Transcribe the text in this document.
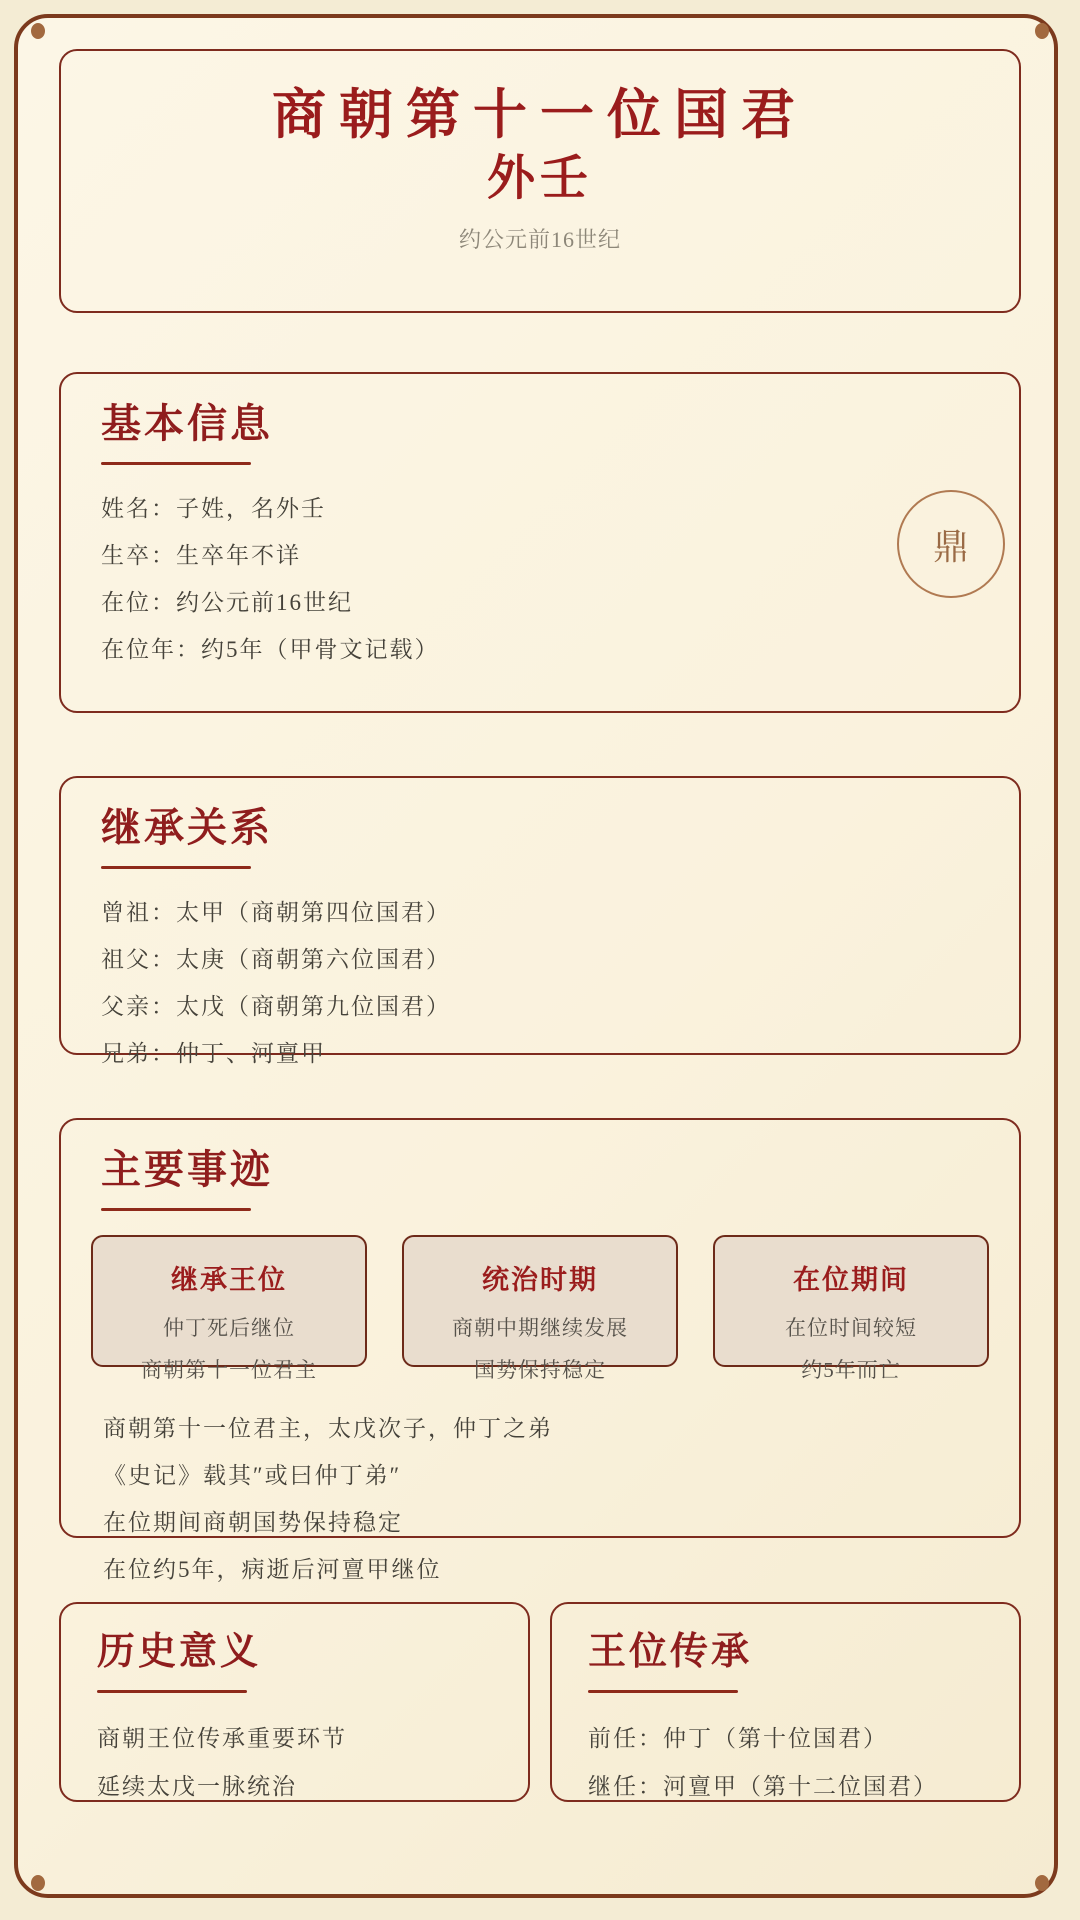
商朝第十一位国君
外壬
约公元前16世纪
基本信息
姓名：子姓，名外壬
生卒：生卒年不详
在位：约公元前16世纪
在位年：约5年（甲骨文记载）
鼎
继承关系
曾祖：太甲（商朝第四位国君）
祖父：太庚（商朝第六位国君）
父亲：太戊（商朝第九位国君）
兄弟：仲丁、河亶甲
主要事迹
继承王位
仲丁死后继位
商朝第十一位君主
统治时期
商朝中期继续发展
国势保持稳定
在位期间
在位时间较短
约5年而亡
商朝第十一位君主，太戊次子，仲丁之弟
《史记》载其″或曰仲丁弟″
在位期间商朝国势保持稳定
在位约5年，病逝后河亶甲继位
历史意义
商朝王位传承重要环节
延续太戊一脉统治
王位传承
前任：仲丁（第十位国君）
继任：河亶甲（第十二位国君）
